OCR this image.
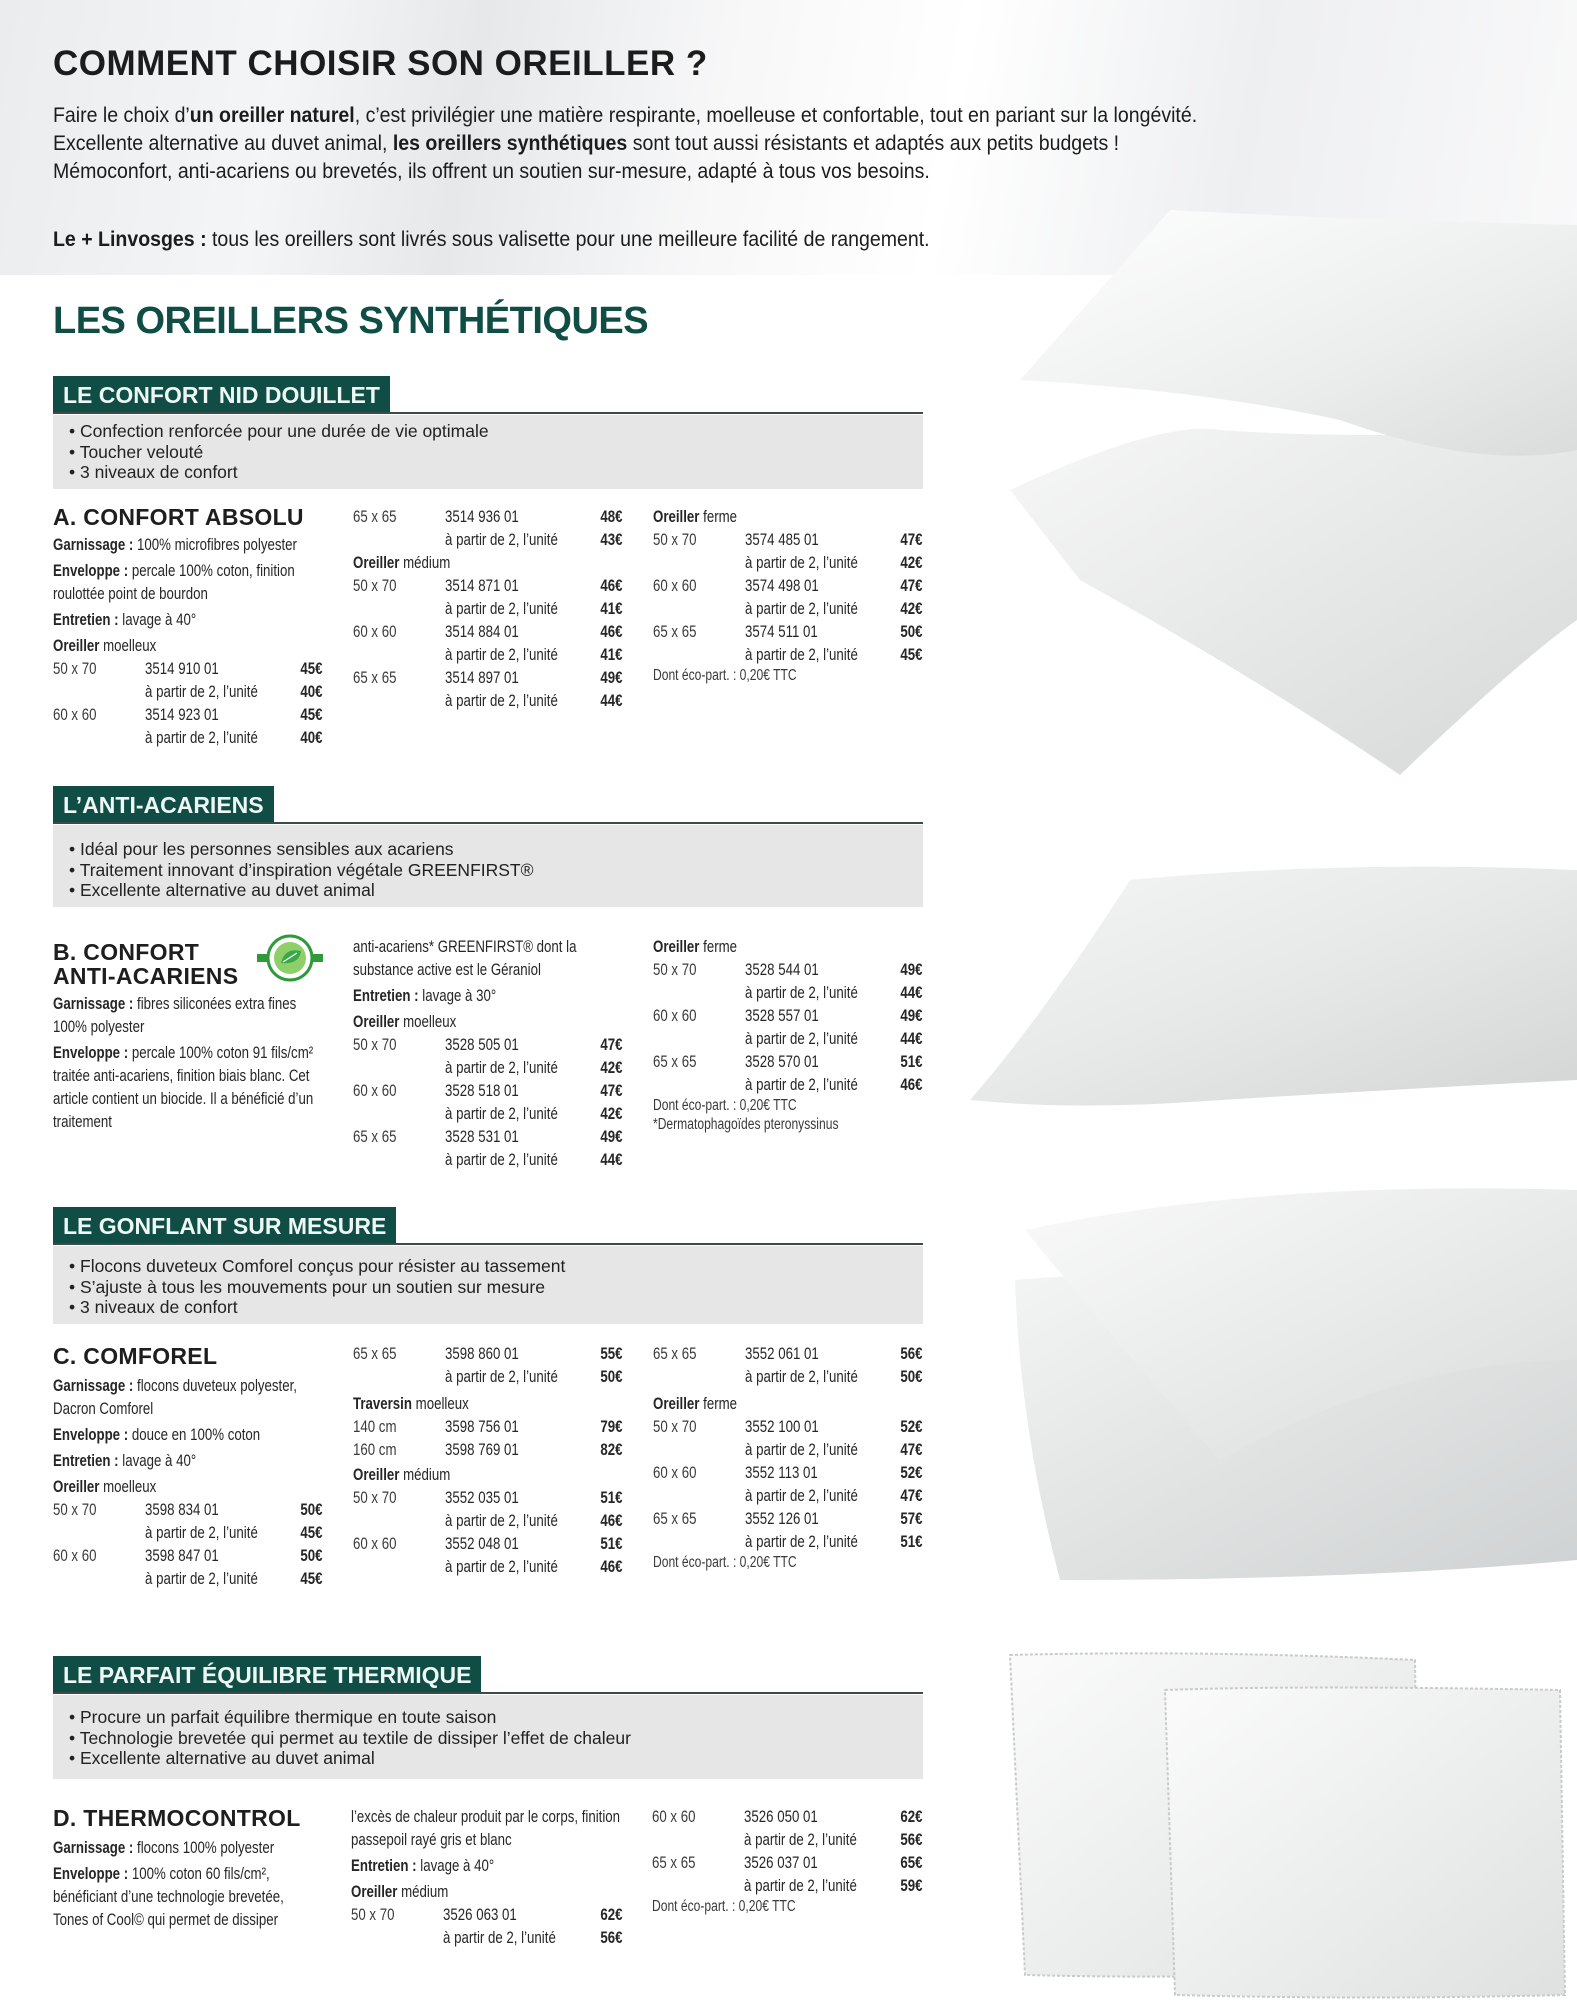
COMMENT CHOISIR SON OREILLER ?
Faire le choix d’un oreiller naturel, c’est privilégier une matière respirante, moelleuse et confortable, tout en pariant sur la longévité.
Excellente alternative au duvet animal, les oreillers synthétiques sont tout aussi résistants et adaptés aux petits budgets !
Mémoconfort, anti-acariens ou brevetés, ils offrent un soutien sur-mesure, adapté à tous vos besoins.
Le + Linvosges : tous les oreillers sont livrés sous valisette pour une meilleure facilité de rangement.
LES OREILLERS SYNTHÉTIQUES
LE CONFORT NID DOUILLET
• Confection renforcée pour une durée de vie optimale
• Toucher velouté
• 3 niveaux de confort
A. CONFORT ABSOLU
Garnissage : 100% microfibres polyester
Enveloppe : percale 100% coton, finition roulottée point de bourdon
Entretien : lavage à 40°
Oreiller moelleux
50 x 70	3514 910 01	45€
à partir de 2, l’unité	40€
60 x 60	3514 923 01	45€
à partir de 2, l’unité	40€
65 x 65	3514 936 01	48€
à partir de 2, l’unité	43€
Oreiller médium
50 x 70	3514 871 01	46€
à partir de 2, l’unité	41€
60 x 60	3514 884 01	46€
à partir de 2, l’unité	41€
65 x 65	3514 897 01	49€
à partir de 2, l’unité	44€
Oreiller ferme
50 x 70	3574 485 01	47€
à partir de 2, l’unité	42€
60 x 60	3574 498 01	47€
à partir de 2, l’unité	42€
65 x 65	3574 511 01	50€
à partir de 2, l’unité	45€
Dont éco-part. : 0,20€ TTC
L’ANTI-ACARIENS
• Idéal pour les personnes sensibles aux acariens
• Traitement innovant d’inspiration végétale GREENFIRST®
• Excellente alternative au duvet animal
B. CONFORT
ANTI-ACARIENS
Garnissage : fibres siliconées extra fines 100% polyester
Enveloppe : percale 100% coton 91 fils/cm² traitée anti-acariens, finition biais blanc. Cet article contient un biocide. Il a bénéficié d’un traitement
anti-acariens* GREENFIRST® dont la substance active est le Géraniol
Entretien : lavage à 30°
Oreiller moelleux
50 x 70	3528 505 01	47€
à partir de 2, l’unité	42€
60 x 60	3528 518 01	47€
à partir de 2, l’unité	42€
65 x 65	3528 531 01	49€
à partir de 2, l’unité	44€
Oreiller ferme
50 x 70	3528 544 01	49€
à partir de 2, l’unité	44€
60 x 60	3528 557 01	49€
à partir de 2, l’unité	44€
65 x 65	3528 570 01	51€
à partir de 2, l’unité	46€
Dont éco-part. : 0,20€ TTC
*Dermatophagoïdes pteronyssinus
LE GONFLANT SUR MESURE
• Flocons duveteux Comforel conçus pour résister au tassement
• S’ajuste à tous les mouvements pour un soutien sur mesure
• 3 niveaux de confort
C. COMFOREL
Garnissage : flocons duveteux polyester, Dacron Comforel
Enveloppe : douce en 100% coton
Entretien : lavage à 40°
Oreiller moelleux
50 x 70	3598 834 01	50€
à partir de 2, l’unité	45€
60 x 60	3598 847 01	50€
à partir de 2, l’unité	45€
65 x 65	3598 860 01	55€
à partir de 2, l’unité	50€
Traversin moelleux
140 cm	3598 756 01	79€
160 cm	3598 769 01	82€
Oreiller médium
50 x 70	3552 035 01	51€
à partir de 2, l’unité	46€
60 x 60	3552 048 01	51€
à partir de 2, l’unité	46€
65 x 65	3552 061 01	56€
à partir de 2, l’unité	50€
Oreiller ferme
50 x 70	3552 100 01	52€
à partir de 2, l’unité	47€
60 x 60	3552 113 01	52€
à partir de 2, l’unité	47€
65 x 65	3552 126 01	57€
à partir de 2, l’unité	51€
Dont éco-part. : 0,20€ TTC
LE PARFAIT ÉQUILIBRE THERMIQUE
• Procure un parfait équilibre thermique en toute saison
• Technologie brevetée qui permet au textile de dissiper l’effet de chaleur
• Excellente alternative au duvet animal
D. THERMOCONTROL
Garnissage : flocons 100% polyester
Enveloppe : 100% coton 60 fils/cm², bénéficiant d’une technologie brevetée, Tones of Cool© qui permet de dissiper
l’excès de chaleur produit par le corps, finition passepoil rayé gris et blanc
Entretien : lavage à 40°
Oreiller médium
50 x 70	3526 063 01	62€
à partir de 2, l’unité	56€
60 x 60	3526 050 01	62€
à partir de 2, l’unité	56€
65 x 65	3526 037 01	65€
à partir de 2, l’unité	59€
Dont éco-part. : 0,20€ TTC
